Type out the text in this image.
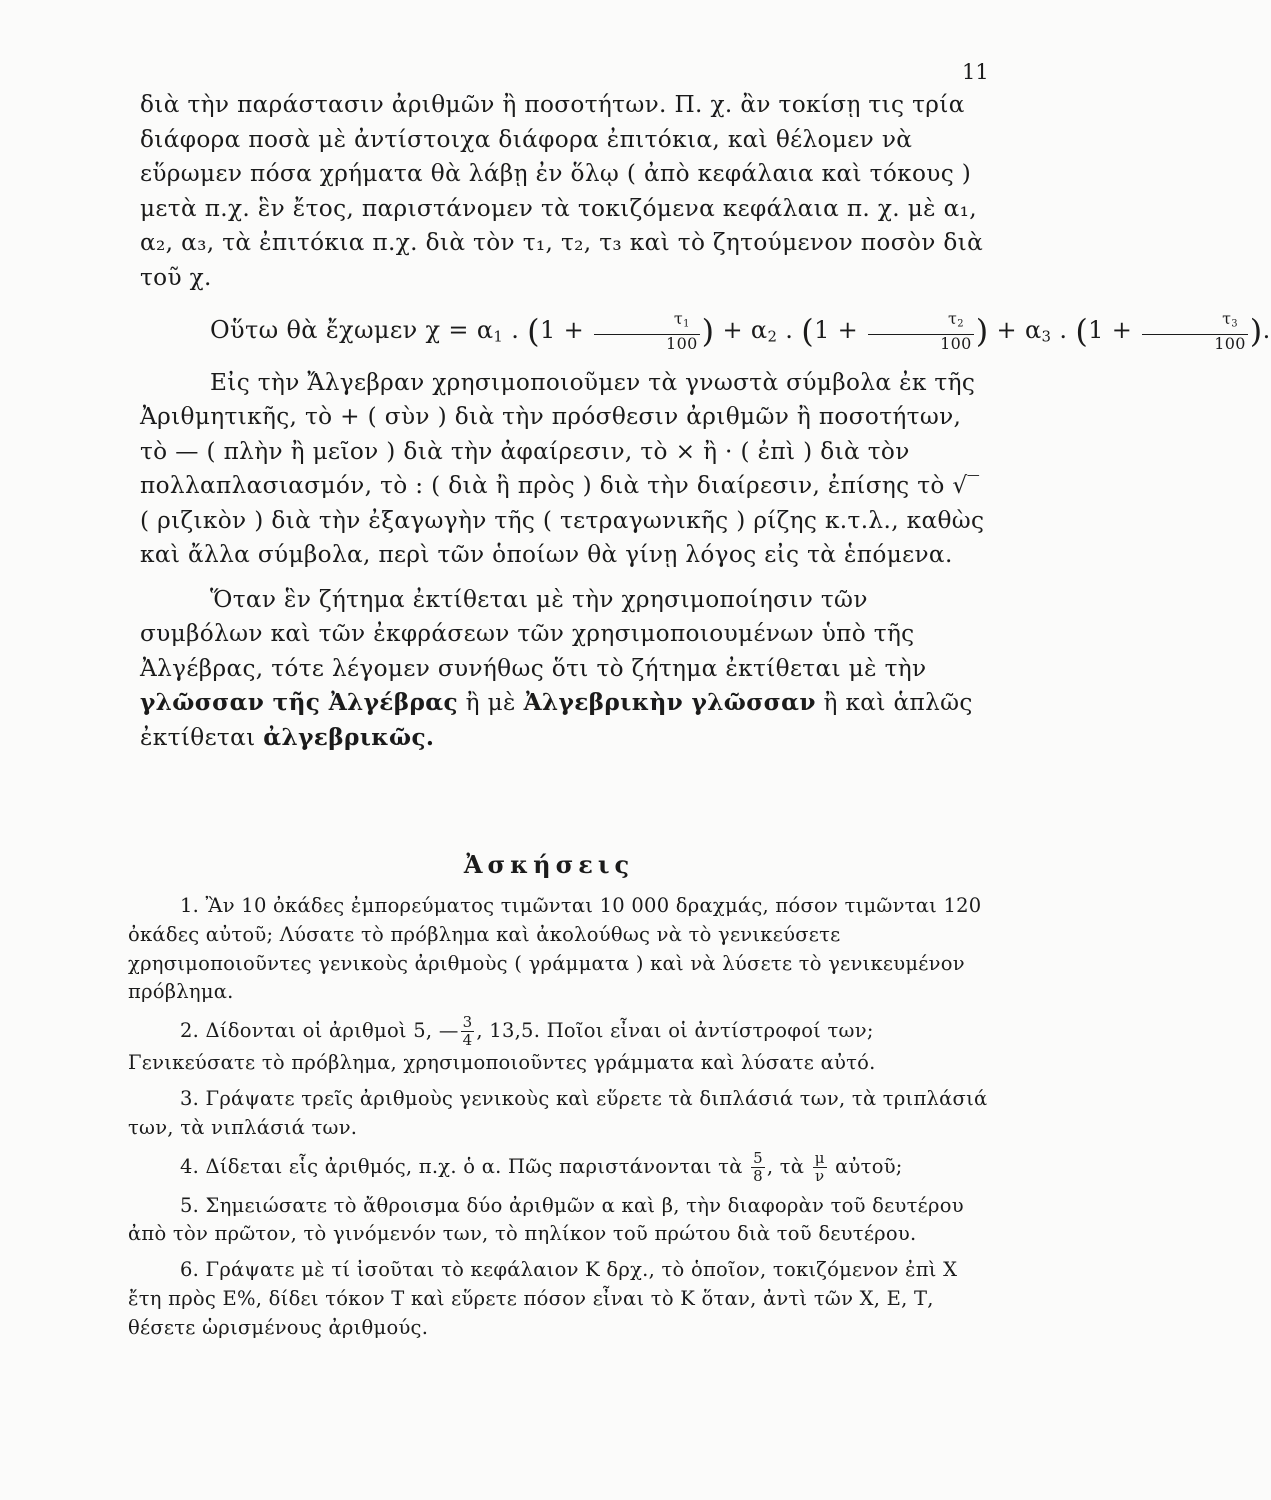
11

διὰ τὴν παράστασιν ἀριθμῶν ἢ ποσοτήτων. Π. χ. ἂν τοκίσῃ τις τρία διάφορα ποσὰ μὲ ἀντίστοιχα διάφορα ἐπιτόκια, καὶ θέλομεν νὰ εὕρωμεν πόσα χρήματα θὰ λάβῃ ἐν ὅλῳ ( ἀπὸ κεφάλαια καὶ τόκους ) μετὰ π.χ. ἓν ἔτος, παριστάνομεν τὰ τοκιζόμενα κεφάλαια π. χ. μὲ α₁, α₂, α₃, τὰ ἐπιτόκια π.χ. διὰ τὸν τ₁, τ₂, τ₃ καὶ τὸ ζητούμενον ποσὸν διὰ τοῦ χ.

Οὕτω θὰ ἔχωμεν $\chi = \alpha_1$ . ($1 + \frac{\tau_1}{100}$ ) + $\alpha_2$ . ($1 + \frac{\tau_2}{100}$ ) + $\alpha_3$ . ($1 + \frac{\tau_3}{100}$ ).

Εἰς τὴν Ἄλγεβραν χρησιμοποιοῦμεν τὰ γνωστὰ σύμβολα ἐκ τῆς Ἀριθμητικῆς, τὸ + ( σὺν ) διὰ τὴν πρόσθεσιν ἀριθμῶν ἢ ποσοτήτων, τὸ — ( πλὴν ἢ μεῖον ) διὰ τὴν ἀφαίρεσιν, τὸ × ἢ · ( ἐπὶ ) διὰ τὸν πολλαπλασιασμόν, τὸ : ( διὰ ἢ πρὸς ) διὰ τὴν διαίρεσιν, ἐπίσης τὸ √‾ ( ριζικὸν ) διὰ τὴν ἐξαγωγὴν τῆς ( τετραγωνικῆς ) ρίζης κ.τ.λ., καθὼς καὶ ἄλλα σύμβολα, περὶ τῶν ὁποίων θὰ γίνῃ λόγος εἰς τὰ ἑπόμενα.

Ὅταν ἓν ζήτημα ἐκτίθεται μὲ τὴν χρησιμοποίησιν τῶν συμβόλων καὶ τῶν ἐκφράσεων τῶν χρησιμοποιουμένων ὑπὸ τῆς Ἀλγέβρας, τότε λέγομεν συνήθως ὅτι τὸ ζήτημα ἐκτίθεται μὲ τὴν γλῶσσαν τῆς Ἀλγέβρας ἢ μὲ Ἀλγεβρικὴν γλῶσσαν ἢ καὶ ἁπλῶς ἐκτίθεται ἀλγεβρικῶς.

Ἀσκήσεις

1. Ἂν 10 ὀκάδες ἐμπορεύματος τιμῶνται 10 000 δραχμάς, πόσον τιμῶνται 120 ὀκάδες αὐτοῦ; Λύσατε τὸ πρόβλημα καὶ ἀκολούθως νὰ τὸ γενικεύσετε χρησιμοποιοῦντες γενικοὺς ἀριθμοὺς ( γράμματα ) καὶ νὰ λύσετε τὸ γενικευμένον πρόβλημα.

2. Δίδονται οἱ ἀριθμοὶ 5, — $\frac{3}{4}$ , 13,5. Ποῖοι εἶναι οἱ ἀντίστροφοί των; Γενικεύσατε τὸ πρόβλημα, χρησιμοποιοῦντες γράμματα καὶ λύσατε αὐτό.

3. Γράψατε τρεῖς ἀριθμοὺς γενικοὺς καὶ εὕρετε τὰ διπλάσιά των, τὰ τριπλάσιά των, τὰ νιπλάσιά των.

4. Δίδεται εἷς ἀριθμός, π.χ. ὁ α. Πῶς παριστάνονται τὰ $\frac{5}{8}$ , τὰ $\frac{\mu}{\nu}$ αὐτοῦ;

5. Σημειώσατε τὸ ἄθροισμα δύο ἀριθμῶν α καὶ β, τὴν διαφορὰν τοῦ δευτέρου ἀπὸ τὸν πρῶτον, τὸ γινόμενόν των, τὸ πηλίκον τοῦ πρώτου διὰ τοῦ δευτέρου.

6. Γράψατε μὲ τί ἰσοῦται τὸ κεφάλαιον Κ δρχ., τὸ ὁποῖον, τοκιζόμενον ἐπὶ Χ ἔτη πρὸς Ε%, δίδει τόκον Τ καὶ εὕρετε πόσον εἶναι τὸ Κ ὅταν, ἀντὶ τῶν Χ, Ε, Τ, θέσετε ὡρισμένους ἀριθμούς.
